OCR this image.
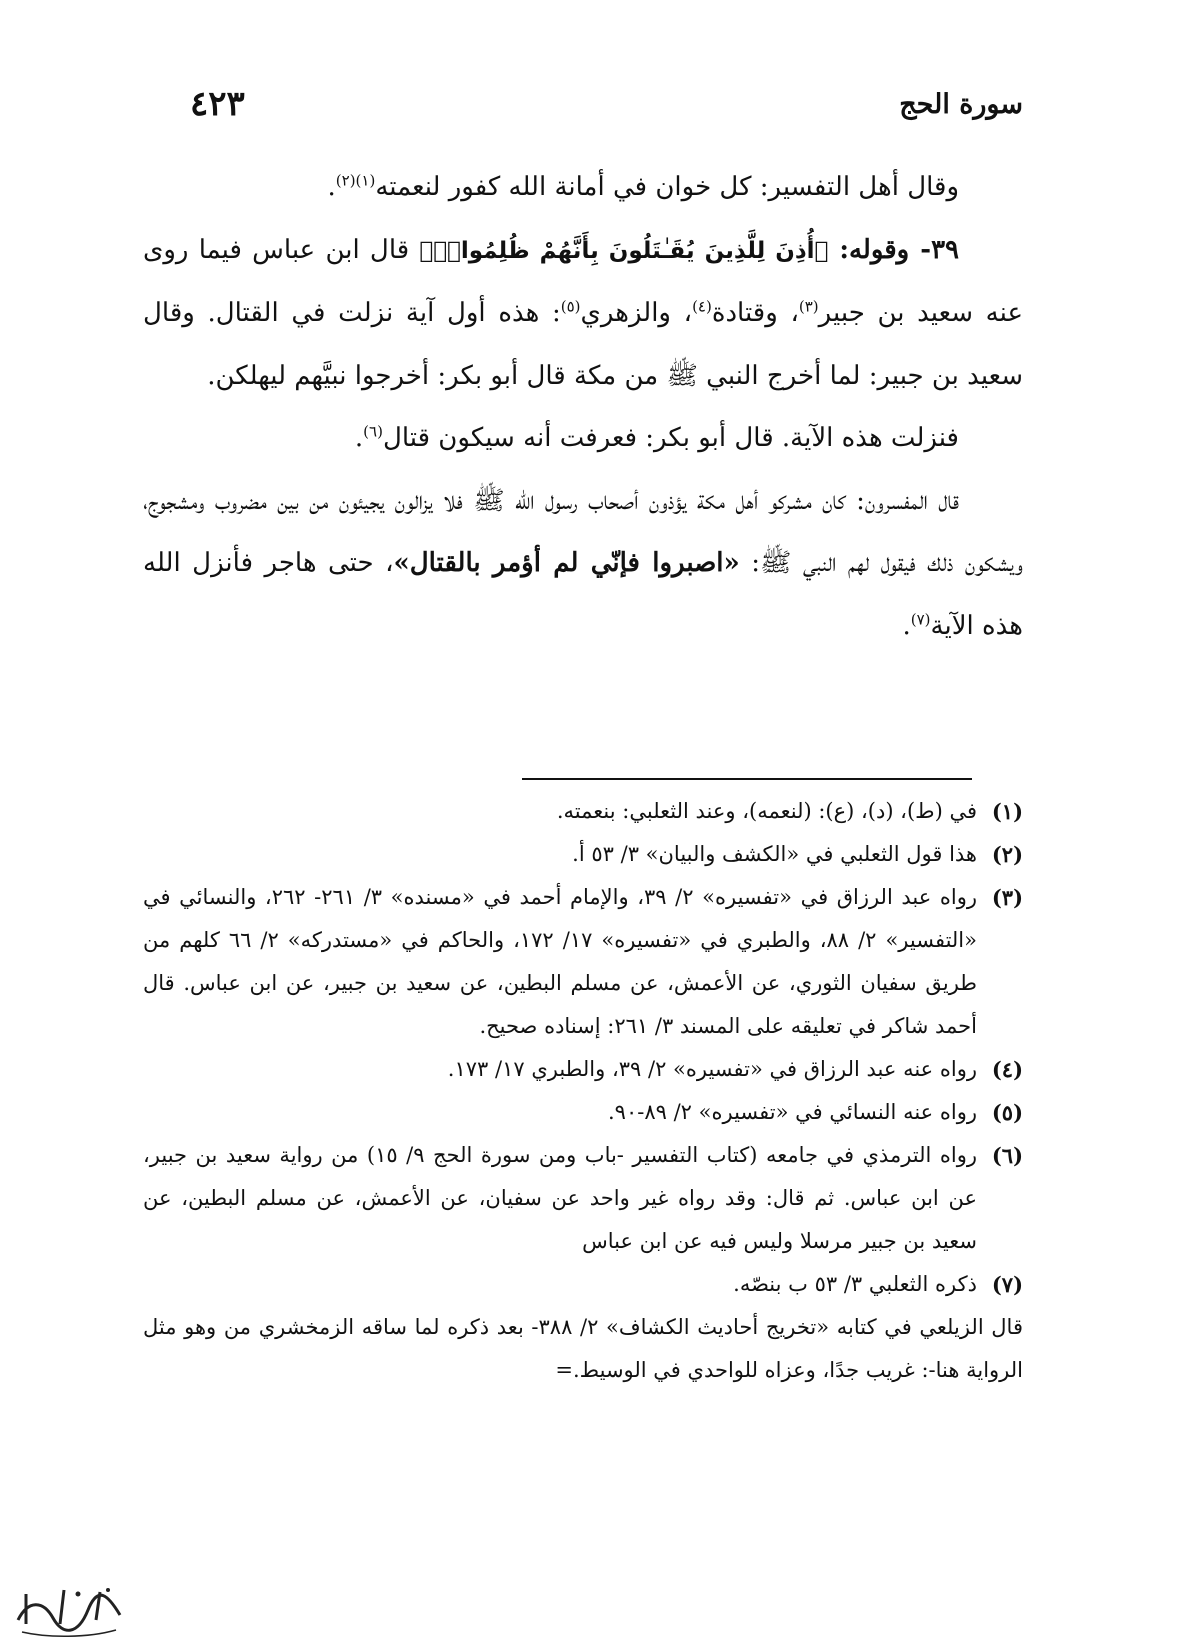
سورة الحج
٤٢٣

وقال أهل التفسير: كل خوان في أمانة الله كفور لنعمته$^{(١)(٢)}$.

٣٩- وقوله: ﴿أُذِنَ لِلَّذِينَ يُقَـٰتَلُونَ بِأَنَّهُمْ ظُلِمُوا۟ۚ﴾ قال ابن عباس فيما روى عنه سعيد بن جبير$^{(٣)}$، وقتادة$^{(٤)}$، والزهري$^{(٥)}$: هذه أول آية نزلت في القتال. وقال سعيد بن جبير: لما أخرج النبي ﷺ من مكة قال أبو بكر: أخرجوا نبيَّهم ليهلكن.

فنزلت هذه الآية. قال أبو بكر: فعرفت أنه سيكون قتال$^{(٦)}$.

قال المفسرون: كان مشركو أهل مكة يؤذون أصحاب رسول الله ﷺ فلا يزالون يجيئون من بين مضروب ومشجوج، ويشكون ذلك فيقول لهم النبي ﷺ: «اصبروا فإنّي لم أؤمر بالقتال»، حتى هاجر فأنزل الله هذه الآية$^{(٧)}$.

(١)
في (ط)، (د)، (ع): (لنعمه)، وعند الثعلبي: بنعمته.
(٢)
هذا قول الثعلبي في «الكشف والبيان» ٣/ ٥٣ أ.
(٣)
رواه عبد الرزاق في «تفسيره» ٢/ ٣٩، والإمام أحمد في «مسنده» ٣/ ٢٦١- ٢٦٢، والنسائي في «التفسير» ٢/ ٨٨، والطبري في «تفسيره» ١٧/ ١٧٢، والحاكم في «مستدركه» ٢/ ٦٦ كلهم من طريق سفيان الثوري، عن الأعمش، عن مسلم البطين، عن سعيد بن جبير، عن ابن عباس. قال أحمد شاكر في تعليقه على المسند ٣/ ٢٦١: إسناده صحيح.
(٤)
رواه عنه عبد الرزاق في «تفسيره» ٢/ ٣٩، والطبري ١٧/ ١٧٣.
(٥)
رواه عنه النسائي في «تفسيره» ٢/ ٨٩-٩٠.
(٦)
رواه الترمذي في جامعه (كتاب التفسير -باب ومن سورة الحج ٩/ ١٥) من رواية سعيد بن جبير، عن ابن عباس. ثم قال: وقد رواه غير واحد عن سفيان، عن الأعمش، عن مسلم البطين، عن سعيد بن جبير مرسلا وليس فيه عن ابن عباس
(٧)
ذكره الثعلبي ٣/ ٥٣ ب بنصّه.
قال الزيلعي في كتابه «تخريج أحاديث الكشاف» ٢/ ٣٨٨- بعد ذكره لما ساقه الزمخشري من وهو مثل الرواية هنا-: غريب جدًا، وعزاه للواحدي في الوسيط.=
